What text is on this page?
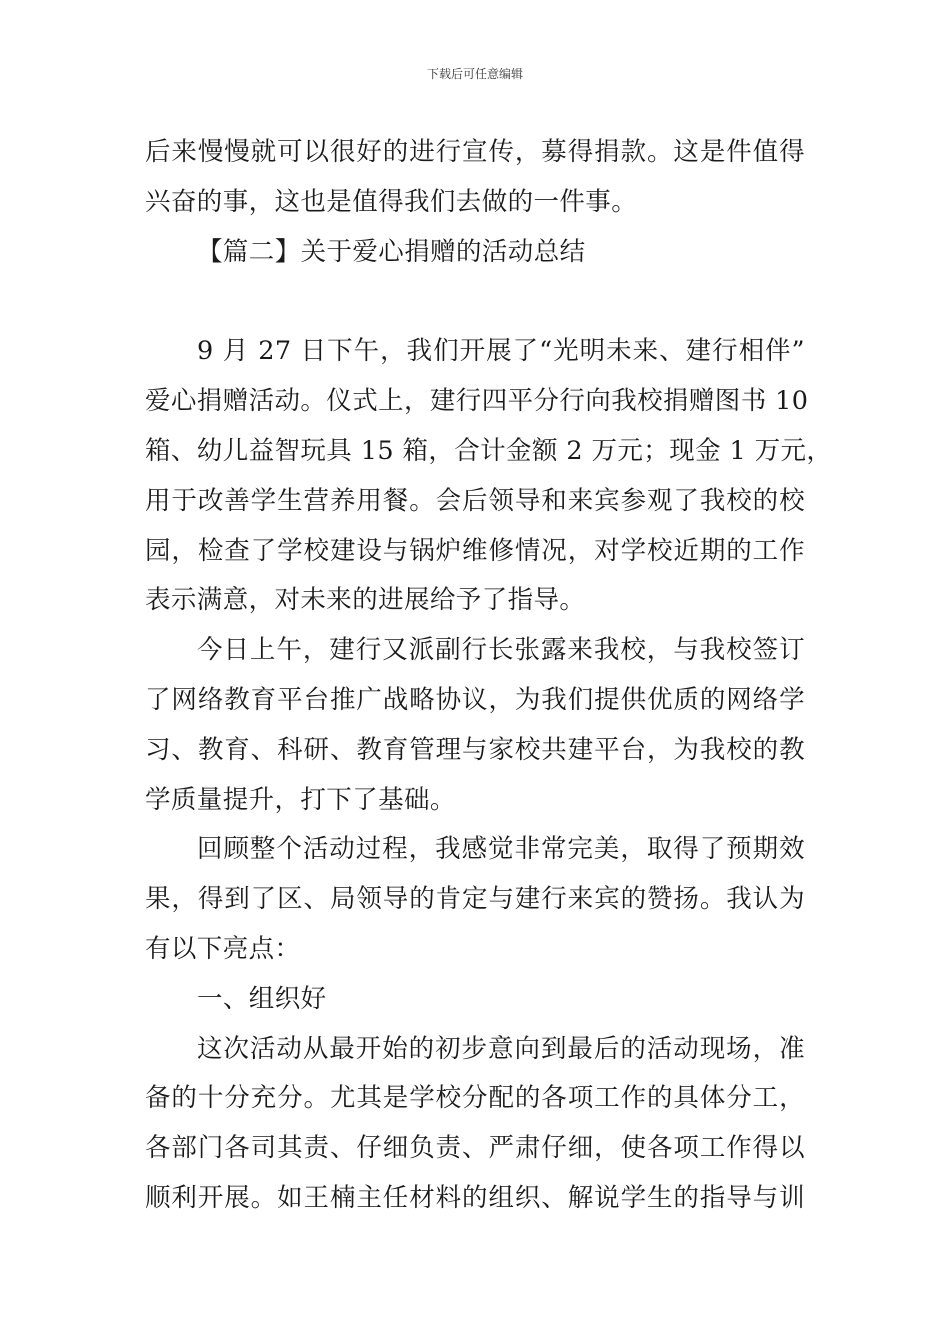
下载后可任意编辑
后来慢慢就可以很好的进行宣传，募得捐款。这是件值得
兴奋的事，这也是值得我们去做的一件事。
【篇二】关于爱心捐赠的活动总结
9 月 27 日下午，我们开展了“光明未来、建行相伴”
爱心捐赠活动。仪式上，建行四平分行向我校捐赠图书 10
箱、幼儿益智玩具 15 箱，合计金额 2 万元；现金 1 万元，
用于改善学生营养用餐。会后领导和来宾参观了我校的校
园，检查了学校建设与锅炉维修情况，对学校近期的工作
表示满意，对未来的进展给予了指导。
今日上午，建行又派副行长张露来我校，与我校签订
了网络教育平台推广战略协议，为我们提供优质的网络学
习、教育、科研、教育管理与家校共建平台，为我校的教
学质量提升，打下了基础。
回顾整个活动过程，我感觉非常完美，取得了预期效
果，得到了区、局领导的肯定与建行来宾的赞扬。我认为
有以下亮点：
一、组织好
这次活动从最开始的初步意向到最后的活动现场，准
备的十分充分。尤其是学校分配的各项工作的具体分工，
各部门各司其责、仔细负责、严肃仔细，使各项工作得以
顺利开展。如王楠主任材料的组织、解说学生的指导与训
